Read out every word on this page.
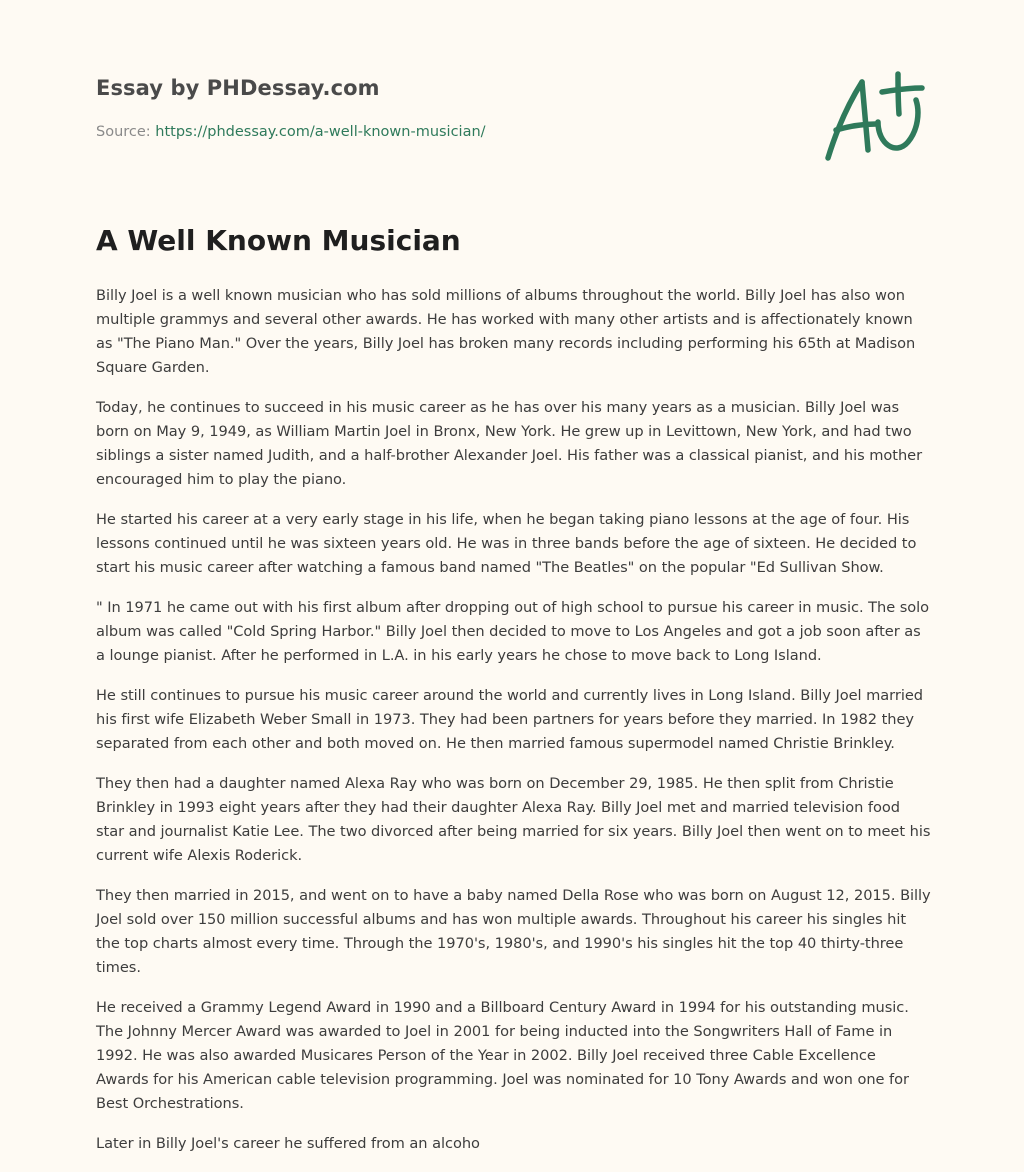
Essay by PHDessay.com
Source: https://phdessay.com/a-well-known-musician/
A Well Known Musician

Billy Joel is a well known musician who has sold millions of albums throughout the world. Billy Joel has also won multiple grammys and several other awards. He has worked with many other artists and is affectionately known as "The Piano Man." Over the years, Billy Joel has broken many records including performing his 65th at Madison Square Garden.

Today, he continues to succeed in his music career as he has over his many years as a musician. Billy Joel was born on May 9, 1949, as William Martin Joel in Bronx, New York. He grew up in Levittown, New York, and had two siblings a sister named Judith, and a half-brother Alexander Joel. His father was a classical pianist, and his mother encouraged him to play the piano.

He started his career at a very early stage in his life, when he began taking piano lessons at the age of four. His lessons continued until he was sixteen years old. He was in three bands before the age of sixteen. He decided to start his music career after watching a famous band named "The Beatles" on the popular "Ed Sullivan Show.

" In 1971 he came out with his first album after dropping out of high school to pursue his career in music. The solo album was called "Cold Spring Harbor." Billy Joel then decided to move to Los Angeles and got a job soon after as a lounge pianist. After he performed in L.A. in his early years he chose to move back to Long Island.

He still continues to pursue his music career around the world and currently lives in Long Island. Billy Joel married his first wife Elizabeth Weber Small in 1973. They had been partners for years before they married. In 1982 they separated from each other and both moved on. He then married famous supermodel named Christie Brinkley.

They then had a daughter named Alexa Ray who was born on December 29, 1985. He then split from Christie Brinkley in 1993 eight years after they had their daughter Alexa Ray. Billy Joel met and married television food star and journalist Katie Lee. The two divorced after being married for six years. Billy Joel then went on to meet his current wife Alexis Roderick.

They then married in 2015, and went on to have a baby named Della Rose who was born on August 12, 2015. Billy Joel sold over 150 million successful albums and has won multiple awards. Throughout his career his singles hit the top charts almost every time. Through the 1970's, 1980's, and 1990's his singles hit the top 40 thirty-three times.

He received a Grammy Legend Award in 1990 and a Billboard Century Award in 1994 for his outstanding music. The Johnny Mercer Award was awarded to Joel in 2001 for being inducted into the Songwriters Hall of Fame in 1992. He was also awarded Musicares Person of the Year in 2002. Billy Joel received three Cable Excellence Awards for his American cable television programming. Joel was nominated for 10 Tony Awards and won one for Best Orchestrations.

Later in Billy Joel's career he suffered from an alcoho
